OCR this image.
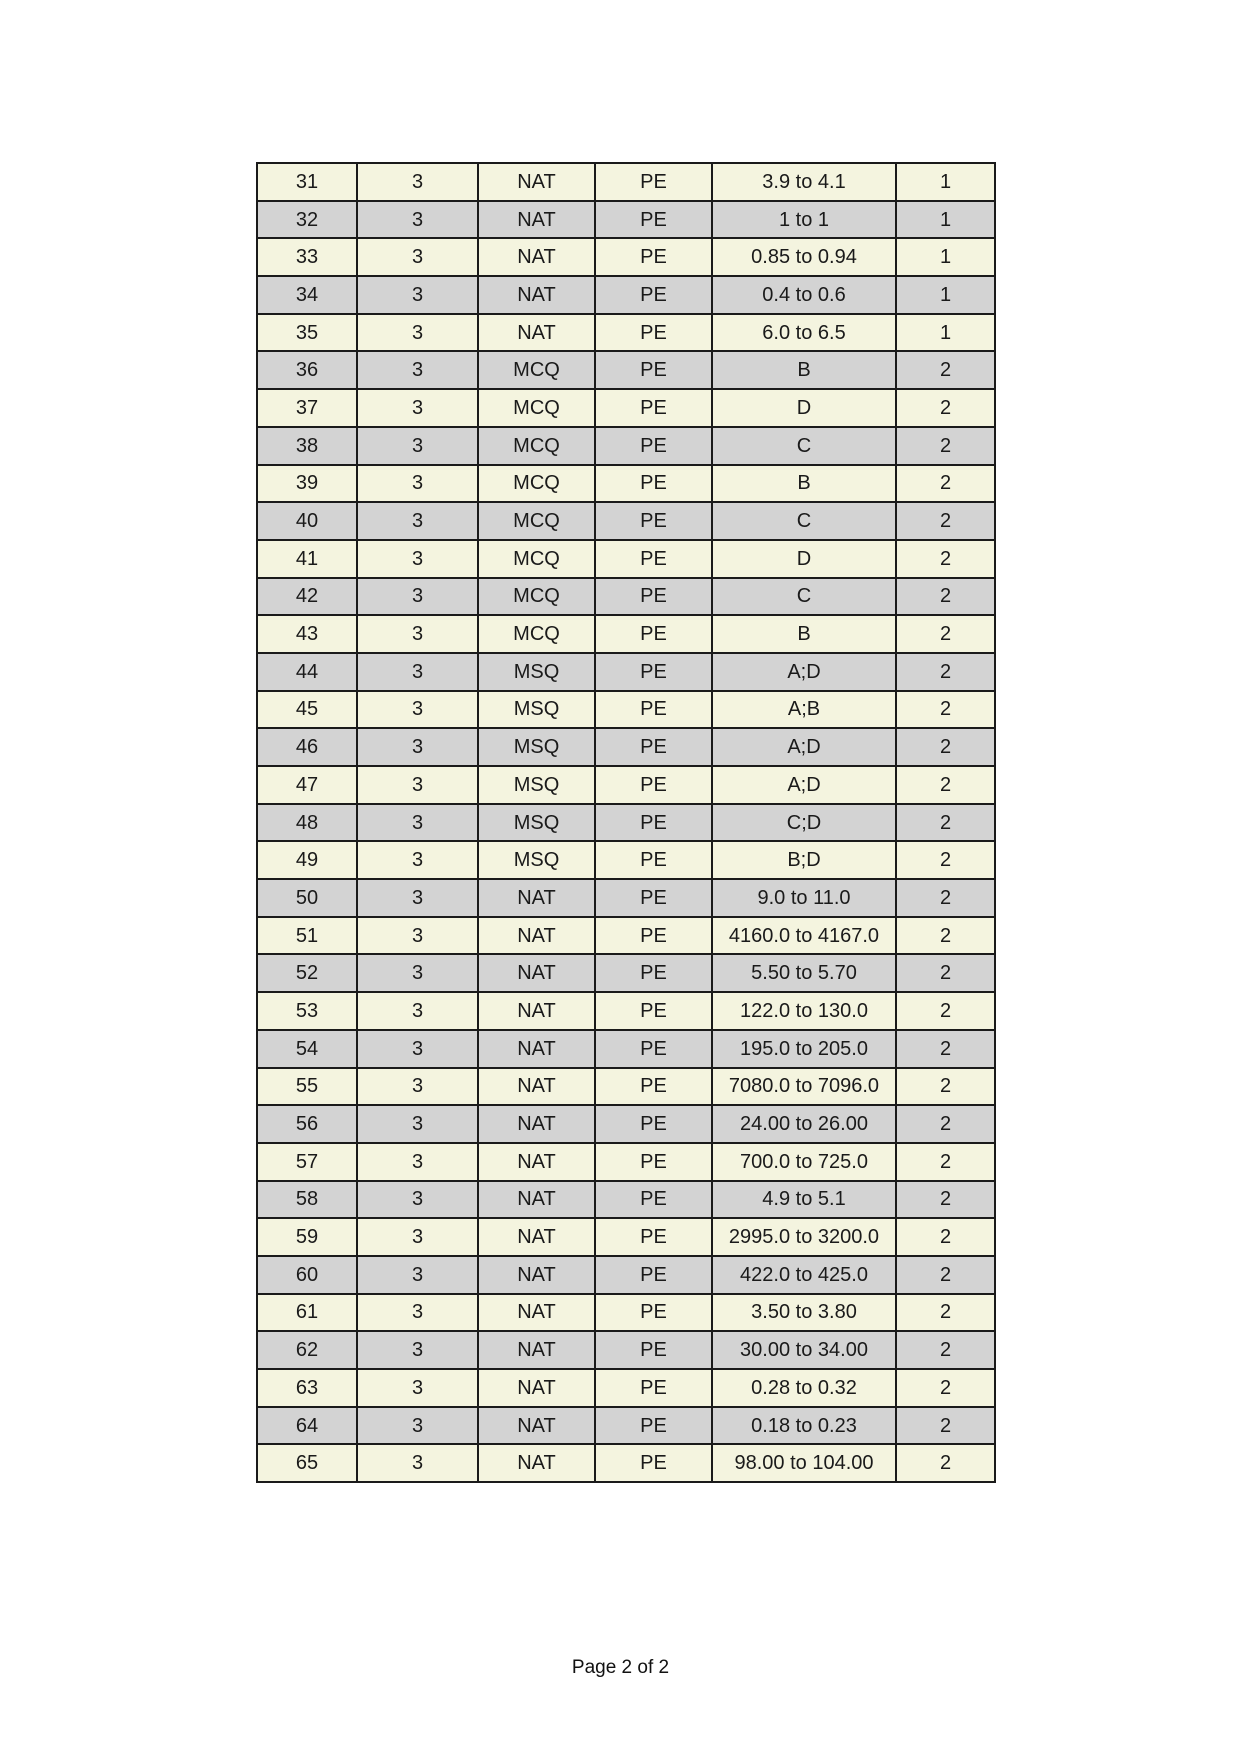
31	3	NAT	PE	3.9 to 4.1	1
32	3	NAT	PE	1 to 1	1
33	3	NAT	PE	0.85 to 0.94	1
34	3	NAT	PE	0.4 to 0.6	1
35	3	NAT	PE	6.0 to 6.5	1
36	3	MCQ	PE	B	2
37	3	MCQ	PE	D	2
38	3	MCQ	PE	C	2
39	3	MCQ	PE	B	2
40	3	MCQ	PE	C	2
41	3	MCQ	PE	D	2
42	3	MCQ	PE	C	2
43	3	MCQ	PE	B	2
44	3	MSQ	PE	A;D	2
45	3	MSQ	PE	A;B	2
46	3	MSQ	PE	A;D	2
47	3	MSQ	PE	A;D	2
48	3	MSQ	PE	C;D	2
49	3	MSQ	PE	B;D	2
50	3	NAT	PE	9.0 to 11.0	2
51	3	NAT	PE	4160.0 to 4167.0	2
52	3	NAT	PE	5.50 to 5.70	2
53	3	NAT	PE	122.0 to 130.0	2
54	3	NAT	PE	195.0 to 205.0	2
55	3	NAT	PE	7080.0 to 7096.0	2
56	3	NAT	PE	24.00 to 26.00	2
57	3	NAT	PE	700.0 to 725.0	2
58	3	NAT	PE	4.9 to 5.1	2
59	3	NAT	PE	2995.0 to 3200.0	2
60	3	NAT	PE	422.0 to 425.0	2
61	3	NAT	PE	3.50 to 3.80	2
62	3	NAT	PE	30.00 to 34.00	2
63	3	NAT	PE	0.28 to 0.32	2
64	3	NAT	PE	0.18 to 0.23	2
65	3	NAT	PE	98.00 to 104.00	2
Page 2 of 2
